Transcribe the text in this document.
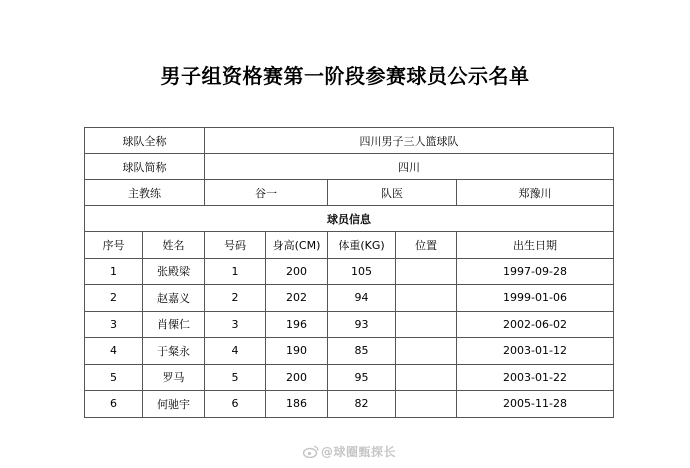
男子组资格赛第一阶段参赛球员公示名单
球队全称		四川男子三人篮球队				
球队简称		四川				
主教练		谷一		队医		郑豫川
球员信息						
序号	姓名	号码	身高(CM)	体重(KG)	位置	出生日期
1	张殿梁	1	200	105		1997-09-28
2	赵嘉义	2	202	94		1999-01-06
3	肖傈仁	3	196	93		2002-06-02
4	于粲永	4	190	85		2003-01-12
5	罗马	5	200	95		2003-01-22
6	何驰宇	6	186	82		2005-11-28
@球圈甄探长
